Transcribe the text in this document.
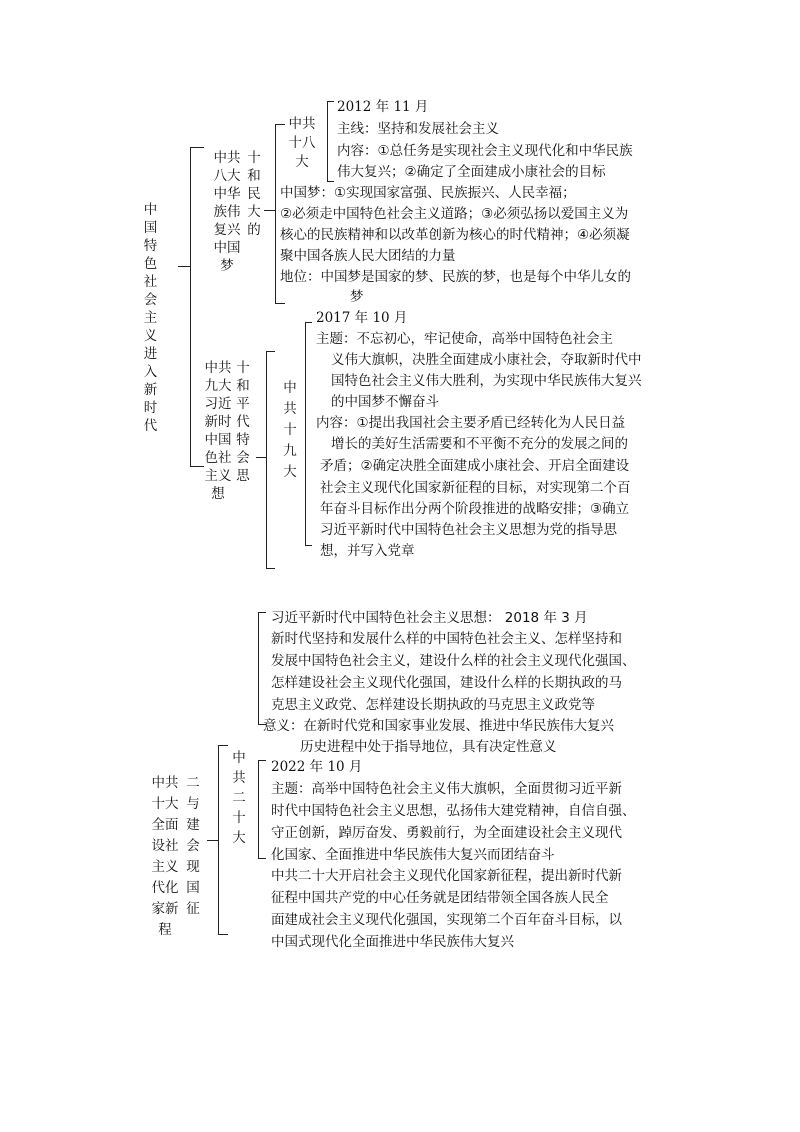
中国特色社会主义进入新时代
中共八大中华族伟复兴中国梦
十和民大的
中共十八大
2012 年 11 月
主线：坚持和发展社会主义
内容：①总任务是实现社会主义现代化和中华民族
伟大复兴；②确定了全面建成小康社会的目标
中国梦：①实现国家富强、民族振兴、人民幸福；
②必须走中国特色社会主义道路；③必须弘扬以爱国主义为
核心的民族精神和以改革创新为核心的时代精神；④必须凝
聚中国各族人民大团结的力量
地位：中国梦是国家的梦、民族的梦，也是每个中华儿女的
梦
中共九大习近新时中国色社主义想
十和平代特会思
中共十九大
2017 年 10 月
主题：不忘初心，牢记使命，高举中国特色社会主
义伟大旗帜，决胜全面建成小康社会，夺取新时代中
国特色社会主义伟大胜利，为实现中华民族伟大复兴
的中国梦不懈奋斗
内容：①提出我国社会主要矛盾已经转化为人民日益
增长的美好生活需要和不平衡不充分的发展之间的
矛盾；②确定决胜全面建成小康社会、开启全面建设
社会主义现代化国家新征程的目标，对实现第二个百
年奋斗目标作出分两个阶段推进的战略安排；③确立
习近平新时代中国特色社会主义思想为党的指导思
想，并写入党章
习近平新时代中国特色社会主义思想： 2018 年 3 月
新时代坚持和发展什么样的中国特色社会主义、怎样坚持和
发展中国特色社会主义，建设什么样的社会主义现代化强国、
怎样建设社会主义现代化强国，建设什么样的长期执政的马
克思主义政党、怎样建设长期执政的马克思主义政党等
意义：在新时代党和国家事业发展、推进中华民族伟大复兴
历史进程中处于指导地位，具有决定性意义
中共十大全面设社主义代化家新程
二与建会现国征
中共二十大
2022 年 10 月
主题：高举中国特色社会主义伟大旗帜，全面贯彻习近平新
时代中国特色社会主义思想，弘扬伟大建党精神，自信自强、
守正创新，踔厉奋发、勇毅前行，为全面建设社会主义现代
化国家、全面推进中华民族伟大复兴而团结奋斗
中共二十大开启社会主义现代化国家新征程，提出新时代新
征程中国共产党的中心任务就是团结带领全国各族人民全
面建成社会主义现代化强国，实现第二个百年奋斗目标，以
中国式现代化全面推进中华民族伟大复兴
